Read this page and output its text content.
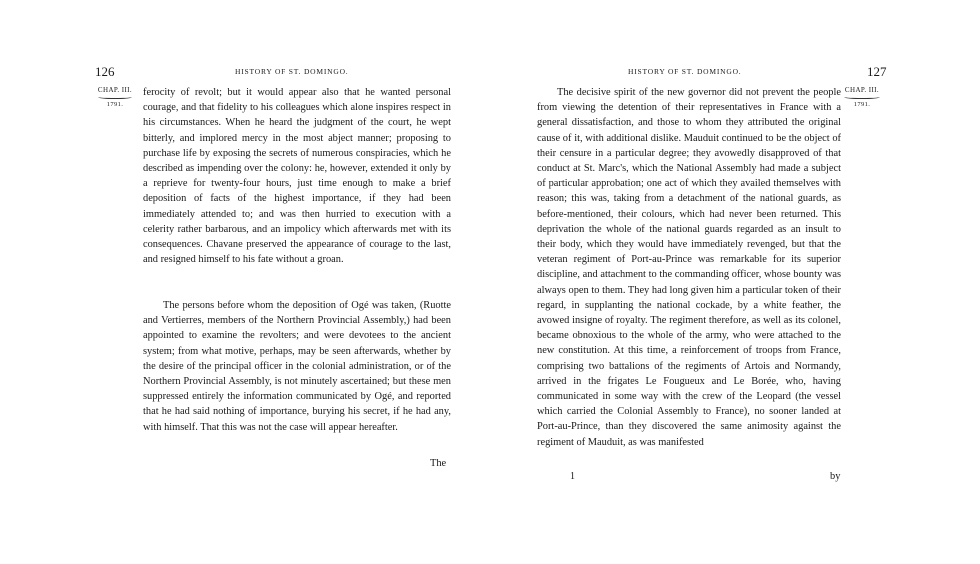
126	HISTORY OF ST. DOMINGO.
CHAP. III.
1791.

ferocity of revolt; but it would appear also that he wanted personal courage, and that fidelity to his colleagues which alone inspires respect in his circumstances. When he heard the judgment of the court, he wept bitterly, and implored mercy in the most abject manner; proposing to purchase life by exposing the secrets of numerous conspiracies, which he described as impending over the colony: he, however, extended it only by a reprieve for twenty-four hours, just time enough to make a brief deposition of facts of the highest importance, if they had been immediately attended to; and was then hurried to execution with a celerity rather barbarous, and an impolicy which afterwards met with its consequences. Chavane preserved the appearance of courage to the last, and resigned himself to his fate without a groan.

The persons before whom the deposition of Ogé was taken, (Ruotte and Vertierres, members of the Northern Provincial Assembly,) had been appointed to examine the revolters; and were devotees to the ancient system; from what motive, perhaps, may be seen afterwards, whether by the desire of the principal officer in the colonial administration, or of the Northern Provincial Assembly, is not minutely ascertained; but these men suppressed entirely the information communicated by Ogé, and reported that he had said nothing of importance, burying his secret, if he had any, with himself. That this was not the case will appear hereafter.

The
HISTORY OF ST. DOMINGO.	127
CHAP. III.
1791.

The decisive spirit of the new governor did not prevent the people from viewing the detention of their representatives in France with a general dissatisfaction, and those to whom they attributed the original cause of it, with additional dislike. Mauduit continued to be the object of their censure in a particular degree; they avowedly disapproved of that conduct at St. Marc's, which the National Assembly had made a subject of particular approbation; one act of which they availed themselves with reason; this was, taking from a detachment of the national guards, as before-mentioned, their colours, which had never been returned. This deprivation the whole of the national guards regarded as an insult to their body, which they would have immediately revenged, but that the veteran regiment of Port-au-Prince was remarkable for its superior discipline, and attachment to the commanding officer, whose bounty was always open to them. They had long given him a particular token of their regard, in supplanting the national cockade, by a white feather, the avowed insigne of royalty. The regiment therefore, as well as its colonel, became obnoxious to the whole of the army, who were attached to the new constitution. At this time, a reinforcement of troops from France, comprising two battalions of the regiments of Artois and Normandy, arrived in the frigates Le Fougueux and Le Borée, who, having communicated in some way with the crew of the Leopard (the vessel which carried the Colonial Assembly to France), no sooner landed at Port-au-Prince, than they discovered the same animosity against the regiment of Mauduit, as was manifested

1	by
